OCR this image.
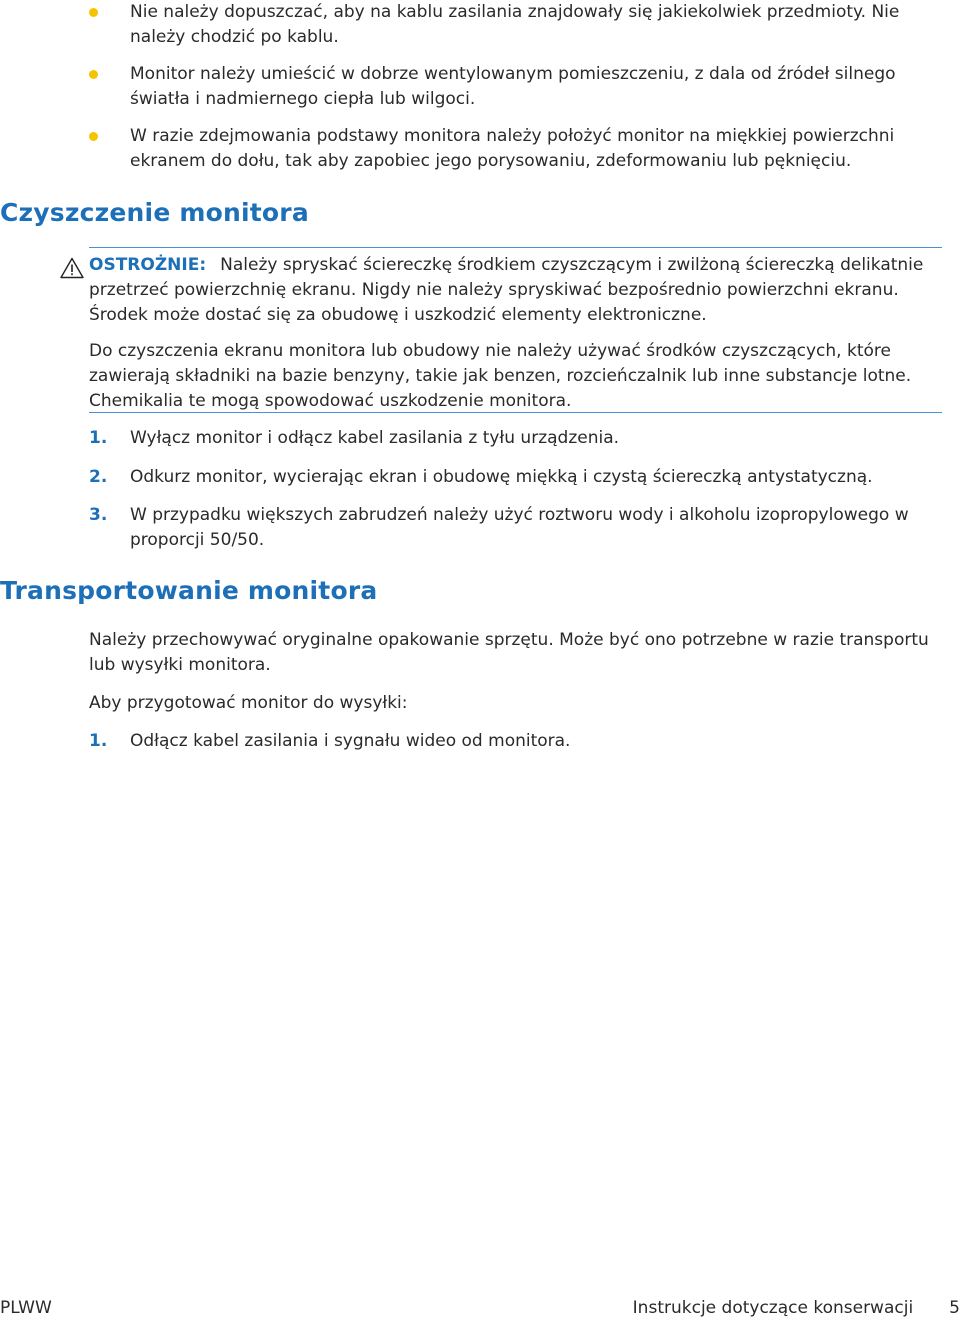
Nie należy dopuszczać, aby na kablu zasilania znajdowały się jakiekolwiek przedmioty. Nie należy chodzić po kablu.
Monitor należy umieścić w dobrze wentylowanym pomieszczeniu, z dala od źródeł silnego światła i nadmiernego ciepła lub wilgoci.
W razie zdejmowania podstawy monitora należy położyć monitor na miękkiej powierzchni ekranem do dołu, tak aby zapobiec jego porysowaniu, zdeformowaniu lub pęknięciu.
Czyszczenie monitora
OSTROŻNIE: Należy spryskać ściereczkę środkiem czyszczącym i zwilżoną ściereczką delikatnie przetrzeć powierzchnię ekranu. Nigdy nie należy spryskiwać bezpośrednio powierzchni ekranu. Środek może dostać się za obudowę i uszkodzić elementy elektroniczne.
Do czyszczenia ekranu monitora lub obudowy nie należy używać środków czyszczących, które zawierają składniki na bazie benzyny, takie jak benzen, rozcieńczalnik lub inne substancje lotne. Chemikalia te mogą spowodować uszkodzenie monitora.
1. Wyłącz monitor i odłącz kabel zasilania z tyłu urządzenia.
2. Odkurz monitor, wycierając ekran i obudowę miękką i czystą ściereczką antystatyczną.
3. W przypadku większych zabrudzeń należy użyć roztworu wody i alkoholu izopropylowego w proporcji 50/50.
Transportowanie monitora
Należy przechowywać oryginalne opakowanie sprzętu. Może być ono potrzebne w razie transportu lub wysyłki monitora.
Aby przygotować monitor do wysyłki:
1. Odłącz kabel zasilania i sygnału wideo od monitora.
PLWW	Instrukcje dotyczące konserwacji 5
